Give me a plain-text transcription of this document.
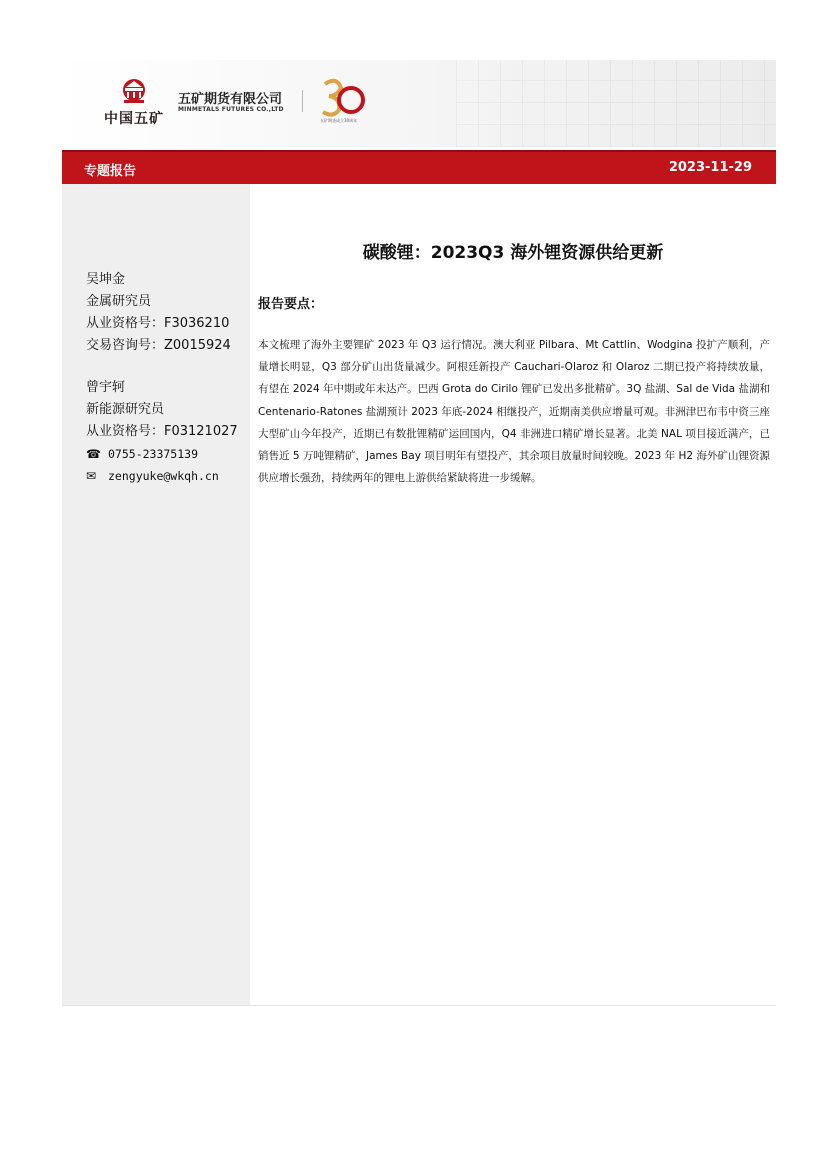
中国五矿
五矿期货有限公司
MINMETALS FUTURES CO.,LTD
五矿期货成立30周年
专题报告	2023-11-29
吴坤金
金属研究员
从业资格号：F3036210
交易咨询号：Z0015924
曾宇轲
新能源研究员
从业资格号：F03121027
☎ 0755-23375139
✉	zengyuke@wkqh.cn
碳酸锂：2023Q3 海外锂资源供给更新
报告要点：
本文梳理了海外主要锂矿 2023 年 Q3 运行情况。澳大利亚 Pilbara、Mt Cattlin、Wodgina 投扩产顺利，产量增长明显，Q3 部分矿山出货量减少。阿根廷新投产 Cauchari-Olaroz 和 Olaroz 二期已投产将持续放量，有望在 2024 年中期或年末达产。巴西 Grota do Cirilo 锂矿已发出多批精矿。3Q 盐湖、Sal de Vida 盐湖和 Centenario-Ratones 盐湖预计 2023 年底-2024 相继投产，近期南美供应增量可观。非洲津巴布韦中资三座大型矿山今年投产，近期已有数批锂精矿运回国内，Q4 非洲进口精矿增长显著。北美 NAL 项目接近满产，已销售近 5 万吨锂精矿，James Bay 项目明年有望投产，其余项目放量时间较晚。2023 年 H2 海外矿山锂资源供应增长强劲，持续两年的锂电上游供给紧缺将进一步缓解。
